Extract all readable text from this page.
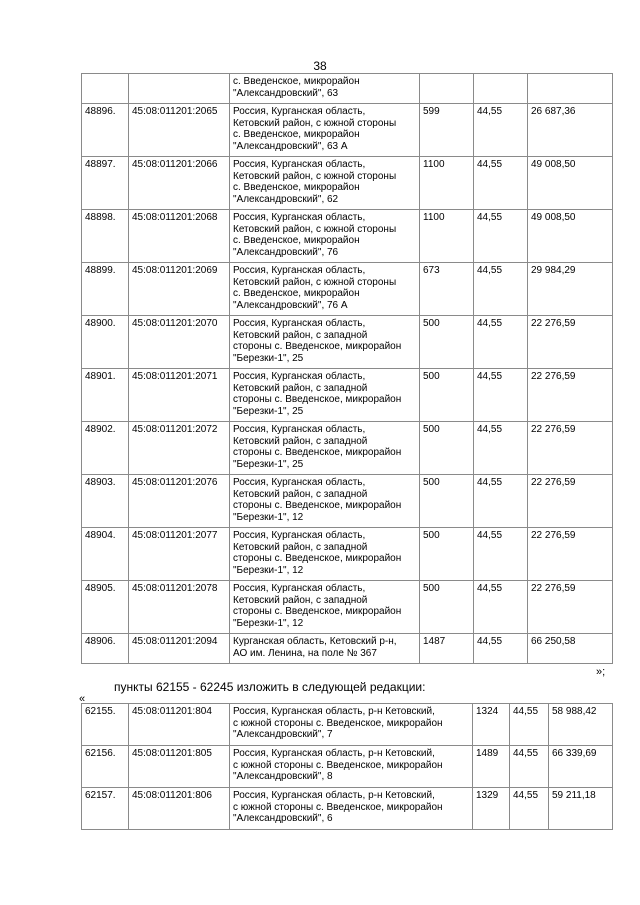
38

		с. Введенское, микрорайон
"Александровский", 63			

48896.	45:08:011201:2065	Россия, Курганская область,
Кетовский район, с южной стороны
с. Введенское, микрорайон
"Александровский", 63 А	599	44,55	26 687,36
48897.	45:08:011201:2066	Россия, Курганская область,
Кетовский район, с южной стороны
с. Введенское, микрорайон
"Александровский", 62	1100	44,55	49 008,50
48898.	45:08:011201:2068	Россия, Курганская область,
Кетовский район, с южной стороны
с. Введенское, микрорайон
"Александровский", 76	1100	44,55	49 008,50
48899.	45:08:011201:2069	Россия, Курганская область,
Кетовский район, с южной стороны
с. Введенское, микрорайон
"Александровский", 76 А	673	44,55	29 984,29
48900.	45:08:011201:2070	Россия, Курганская область,
Кетовский район, с западной
стороны с. Введенское, микрорайон
"Березки-1", 25	500	44,55	22 276,59
48901.	45:08:011201:2071	Россия, Курганская область,
Кетовский район, с западной
стороны с. Введенское, микрорайон
"Березки-1", 25	500	44,55	22 276,59
48902.	45:08:011201:2072	Россия, Курганская область,
Кетовский район, с западной
стороны с. Введенское, микрорайон
"Березки-1", 25	500	44,55	22 276,59
48903.	45:08:011201:2076	Россия, Курганская область,
Кетовский район, с западной
стороны с. Введенское, микрорайон
"Березки-1", 12	500	44,55	22 276,59
48904.	45:08:011201:2077	Россия, Курганская область,
Кетовский район, с западной
стороны с. Введенское, микрорайон
"Березки-1", 12	500	44,55	22 276,59
48905.	45:08:011201:2078	Россия, Курганская область,
Кетовский район, с западной
стороны с. Введенское, микрорайон
"Березки-1", 12	500	44,55	22 276,59
48906.	45:08:011201:2094	Курганская область, Кетовский р-н,
АО им. Ленина, на поле № 367	1487	44,55	66 250,58
»;
пункты 62155 - 62245 изложить в следующей редакции:
«
62155.	45:08:011201:804	Россия, Курганская область, р-н Кетовский,
с южной стороны с. Введенское, микрорайон
"Александровский", 7	1324	44,55	58 988,42
62156.	45:08:011201:805	Россия, Курганская область, р-н Кетовский,
с южной стороны с. Введенское, микрорайон
"Александровский", 8	1489	44,55	66 339,69
62157.	45:08:011201:806	Россия, Курганская область, р-н Кетовский,
с южной стороны с. Введенское, микрорайон
"Александровский", 6	1329	44,55	59 211,18
